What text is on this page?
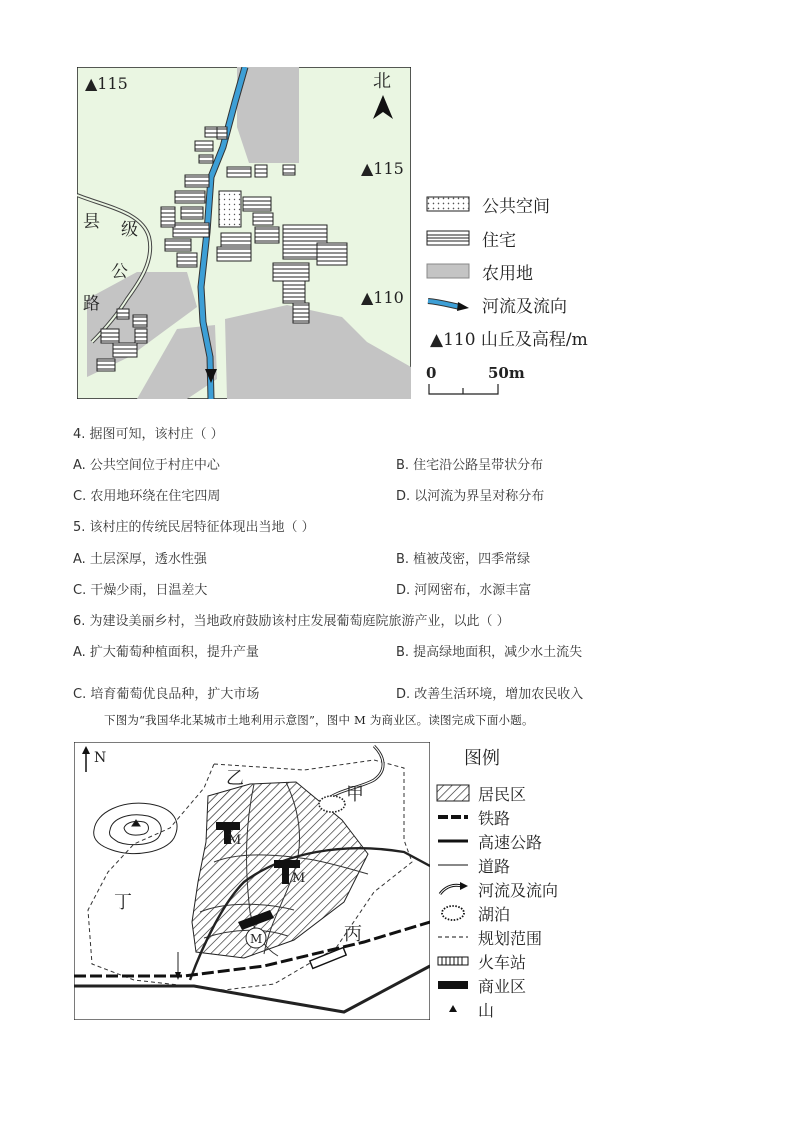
北
▲115
▲115
▲110
县 级
公
路
公共空间
住宅
农用地
河流及流向
▲110 山丘及高程/m
0	50m
4. 据图可知，该村庄（ ）
A. 公共空间位于村庄中心	B. 住宅沿公路呈带状分布
C. 农用地环绕在住宅四周	D. 以河流为界呈对称分布
5. 该村庄的传统民居特征体现出当地（ ）
A. 土层深厚，透水性强	B. 植被茂密，四季常绿
C. 干燥少雨，日温差大	D. 河网密布，水源丰富
6. 为建设美丽乡村，当地政府鼓励该村庄发展葡萄庭院旅游产业，以此（ ）
A. 扩大葡萄种植面积，提升产量	B. 提高绿地面积，减少水土流失
C. 培育葡萄优良品种，扩大市场	D. 改善生活环境，增加农民收入
下图为“我国华北某城市土地利用示意图”，图中 M 为商业区。读图完成下面小题。
N
M
M
M
乙
甲
丁
丙
图例
居民区
铁路
高速公路
道路
河流及流向
湖泊
规划范围
火车站
商业区
山
